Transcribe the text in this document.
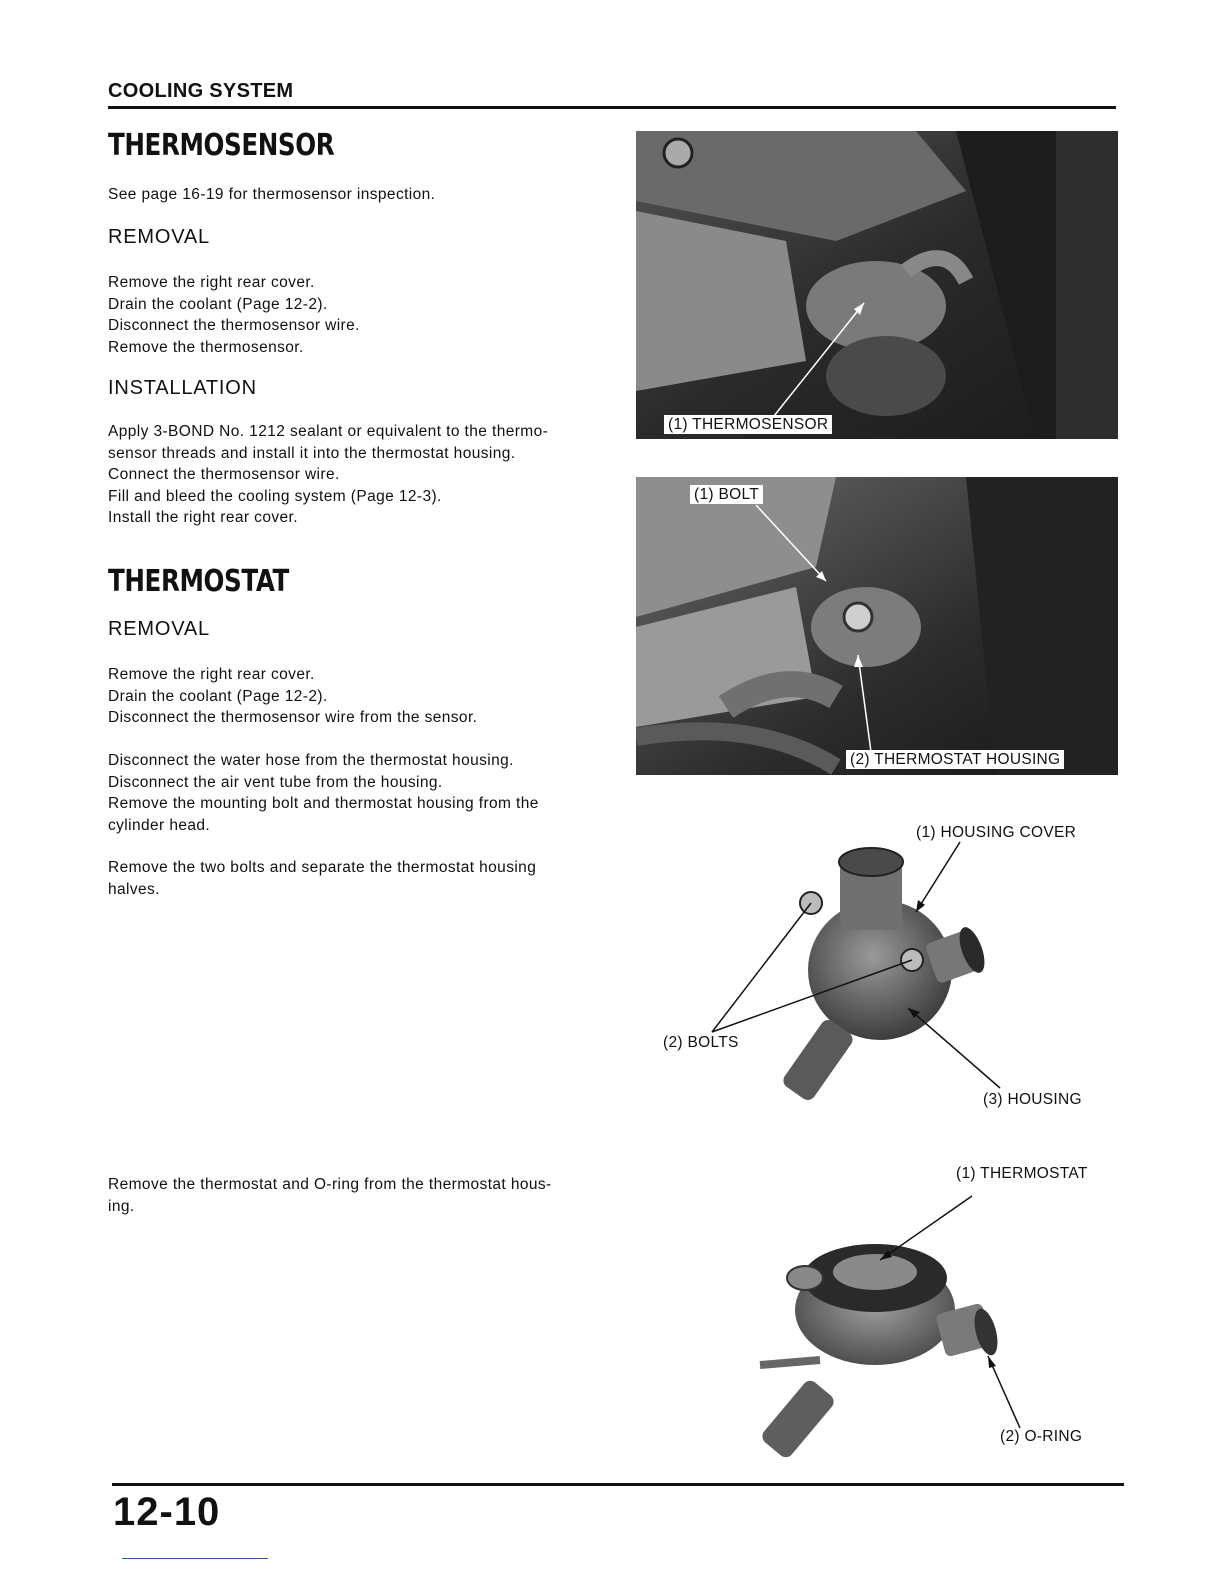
COOLING SYSTEM
THERMOSENSOR
See page 16-19 for thermosensor inspection.
REMOVAL
Remove the right rear cover.
Drain the coolant (Page 12-2).
Disconnect the thermosensor wire.
Remove the thermosensor.
INSTALLATION
Apply 3-BOND No. 1212 sealant or equivalent to the thermo-
sensor threads and install it into the thermostat housing.
Connect the thermosensor wire.
Fill and bleed the cooling system (Page 12-3).
Install the right rear cover.
THERMOSTAT
REMOVAL
Remove the right rear cover.
Drain the coolant (Page 12-2).
Disconnect the thermosensor wire from the sensor.
Disconnect the water hose from the thermostat housing.
Disconnect the air vent tube from the housing.
Remove the mounting bolt and thermostat housing from the
cylinder head.
Remove the two bolts and separate the thermostat housing
halves.
Remove the thermostat and O-ring from the thermostat hous-
ing.
(1) THERMOSENSOR
(1) BOLT
(2) THERMOSTAT HOUSING
(1) HOUSING COVER
(2) BOLTS
(3) HOUSING
(1) THERMOSTAT
(2) O-RING
12-10
